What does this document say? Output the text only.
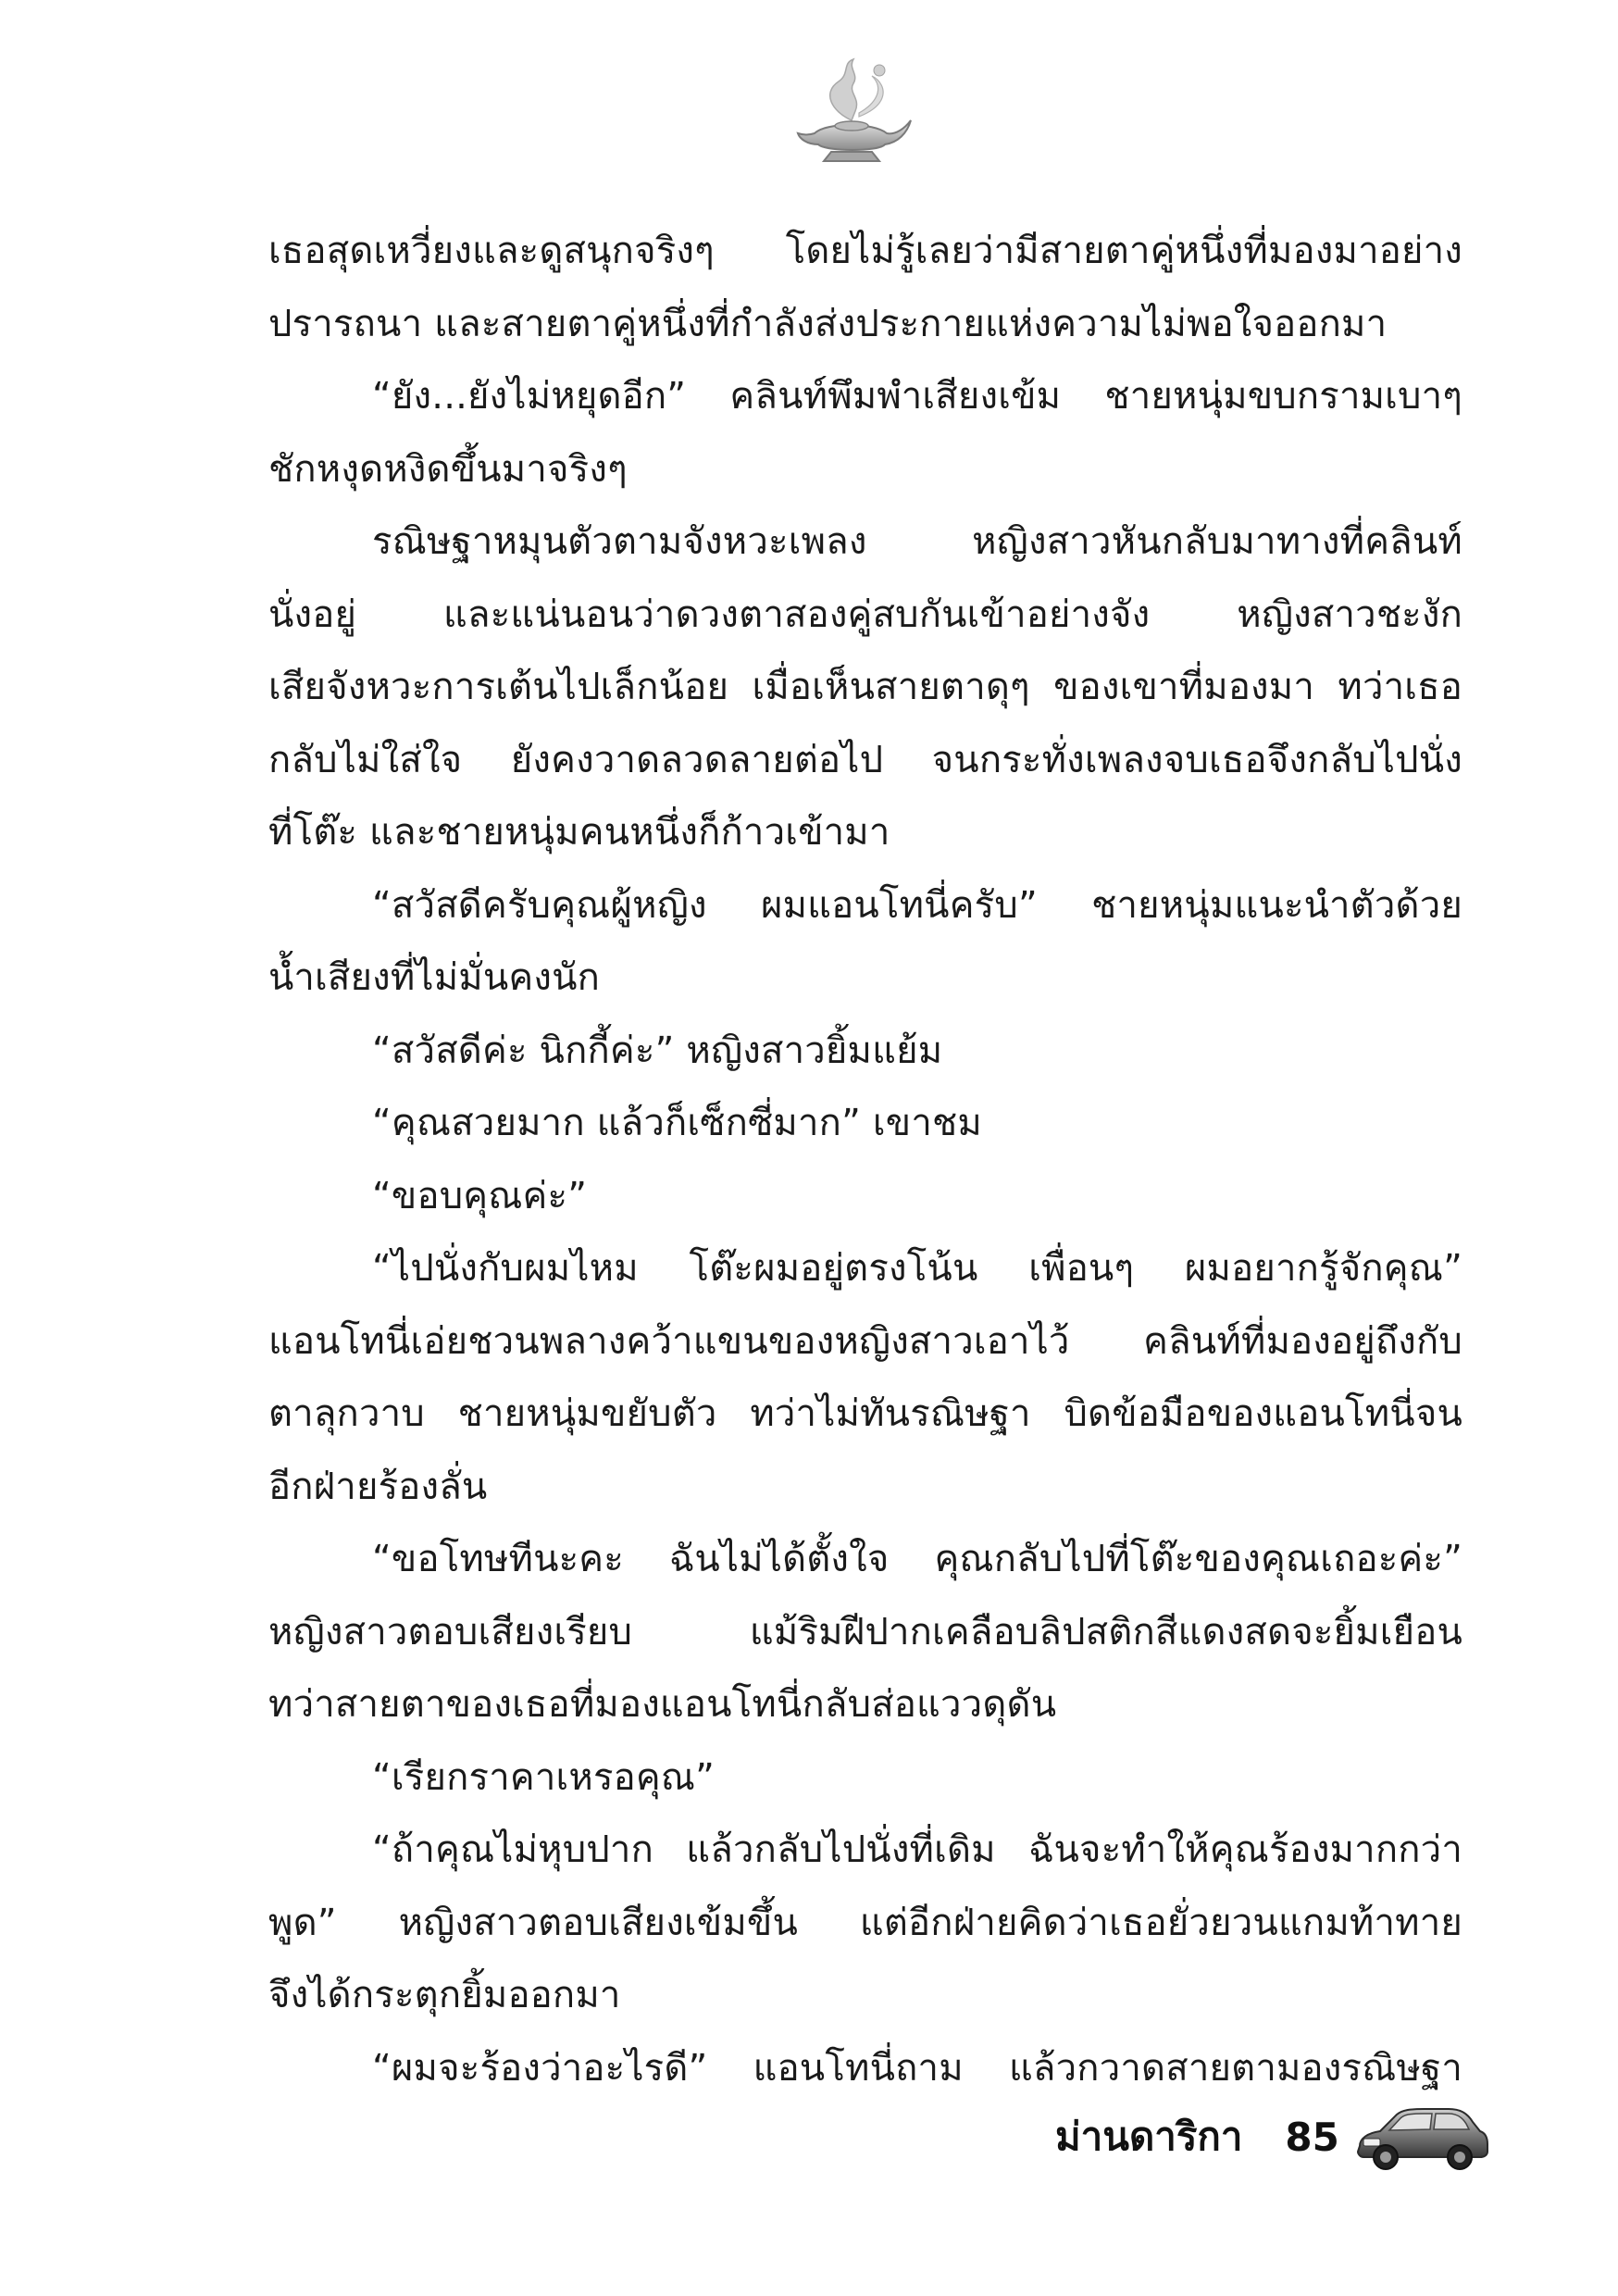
เธอสุดเหวี่ยงและดูสนุกจริงๆ โดยไม่รู้เลยว่ามีสายตาคู่หนึ่งที่มองมาอย่าง
ปรารถนา และสายตาคู่หนึ่งที่กำลังส่งประกายแห่งความไม่พอใจออกมา
“ยัง...ยังไม่หยุดอีก” คลินท์พึมพำเสียงเข้ม ชายหนุ่มขบกรามเบาๆ
ชักหงุดหงิดขึ้นมาจริงๆ
รณิษฐาหมุนตัวตามจังหวะเพลง หญิงสาวหันกลับมาทางที่คลินท์
นั่งอยู่ และแน่นอนว่าดวงตาสองคู่สบกันเข้าอย่างจัง หญิงสาวชะงัก
เสียจังหวะการเต้นไปเล็กน้อย เมื่อเห็นสายตาดุๆ ของเขาที่มองมา ทว่าเธอ
กลับไม่ใส่ใจ ยังคงวาดลวดลายต่อไป จนกระทั่งเพลงจบเธอจึงกลับไปนั่ง
ที่โต๊ะ และชายหนุ่มคนหนึ่งก็ก้าวเข้ามา
“สวัสดีครับคุณผู้หญิง ผมแอนโทนี่ครับ” ชายหนุ่มแนะนำตัวด้วย
น้ำเสียงที่ไม่มั่นคงนัก
“สวัสดีค่ะ นิกกี้ค่ะ” หญิงสาวยิ้มแย้ม
“คุณสวยมาก แล้วก็เซ็กซี่มาก” เขาชม
“ขอบคุณค่ะ”
“ไปนั่งกับผมไหม โต๊ะผมอยู่ตรงโน้น เพื่อนๆ ผมอยากรู้จักคุณ”
แอนโทนี่เอ่ยชวนพลางคว้าแขนของหญิงสาวเอาไว้ คลินท์ที่มองอยู่ถึงกับ
ตาลุกวาบ ชายหนุ่มขยับตัว ทว่าไม่ทันรณิษฐา บิดข้อมือของแอนโทนี่จน
อีกฝ่ายร้องลั่น
“ขอโทษทีนะคะ ฉันไม่ได้ตั้งใจ คุณกลับไปที่โต๊ะของคุณเถอะค่ะ”
หญิงสาวตอบเสียงเรียบ แม้ริมฝีปากเคลือบลิปสติกสีแดงสดจะยิ้มเยือน
ทว่าสายตาของเธอที่มองแอนโทนี่กลับส่อแววดุดัน
“เรียกราคาเหรอคุณ”
“ถ้าคุณไม่หุบปาก แล้วกลับไปนั่งที่เดิม ฉันจะทำให้คุณร้องมากกว่า
พูด” หญิงสาวตอบเสียงเข้มขึ้น แต่อีกฝ่ายคิดว่าเธอยั่วยวนแกมท้าทาย
จึงได้กระตุกยิ้มออกมา
“ผมจะร้องว่าอะไรดี” แอนโทนี่ถาม แล้วกวาดสายตามองรณิษฐา
ม่านดาริกา 85
